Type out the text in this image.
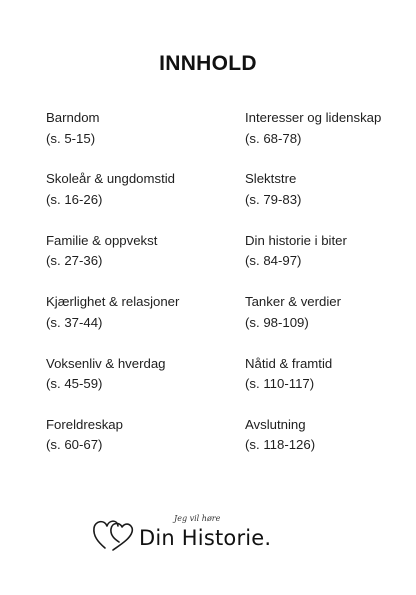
INNHOLD
Barndom
(s. 5-15)
Skoleår & ungdomstid
(s. 16-26)
Familie & oppvekst
(s. 27-36)
Kjærlighet & relasjoner
(s. 37-44)
Voksenliv & hverdag
(s. 45-59)
Foreldreskap
(s. 60-67)
Interesser og lidenskap
(s. 68-78)
Slektstre
(s. 79-83)
Din historie i biter
(s. 84-97)
Tanker & verdier
(s. 98-109)
Nåtid & framtid
(s. 110-117)
Avslutning
(s. 118-126)
Jeg vil høre
Din Historie.
